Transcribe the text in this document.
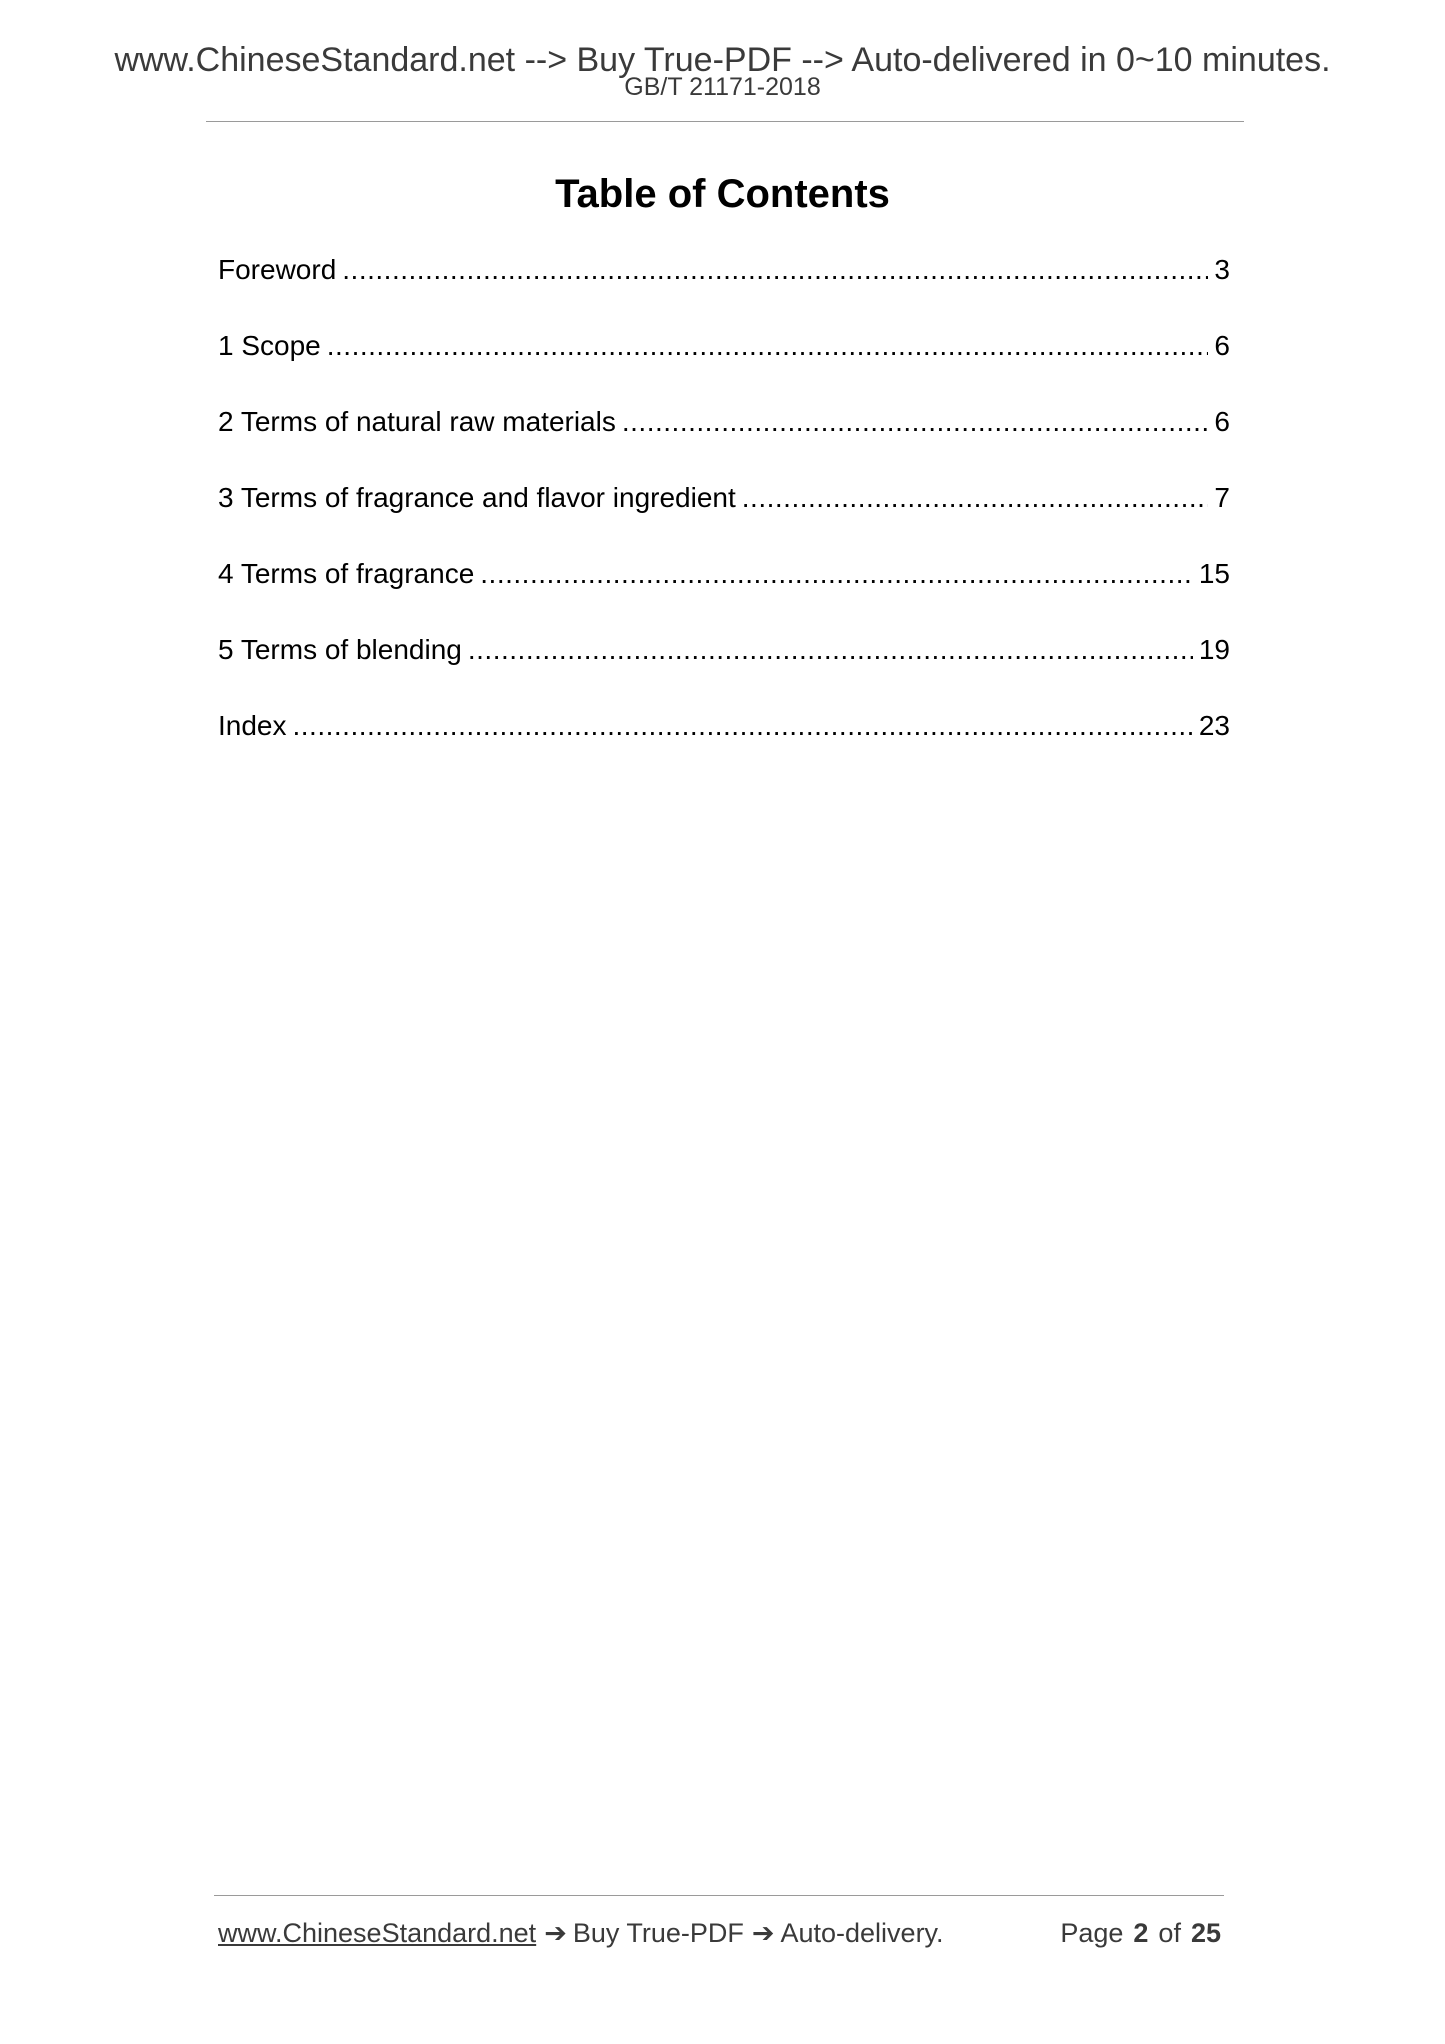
www.ChineseStandard.net --> Buy True-PDF --> Auto-delivered in 0~10 minutes.
GB/T 21171-2018
Table of Contents
Foreword .....	3
1 Scope .....	6
2 Terms of natural raw materials .....	6
3 Terms of fragrance and flavor ingredient .....	7
4 Terms of fragrance .....	15
5 Terms of blending .....	19
Index .....	23
www.ChineseStandard.net ➔ Buy True-PDF ➔ Auto-delivery.	Page 2 of 25
